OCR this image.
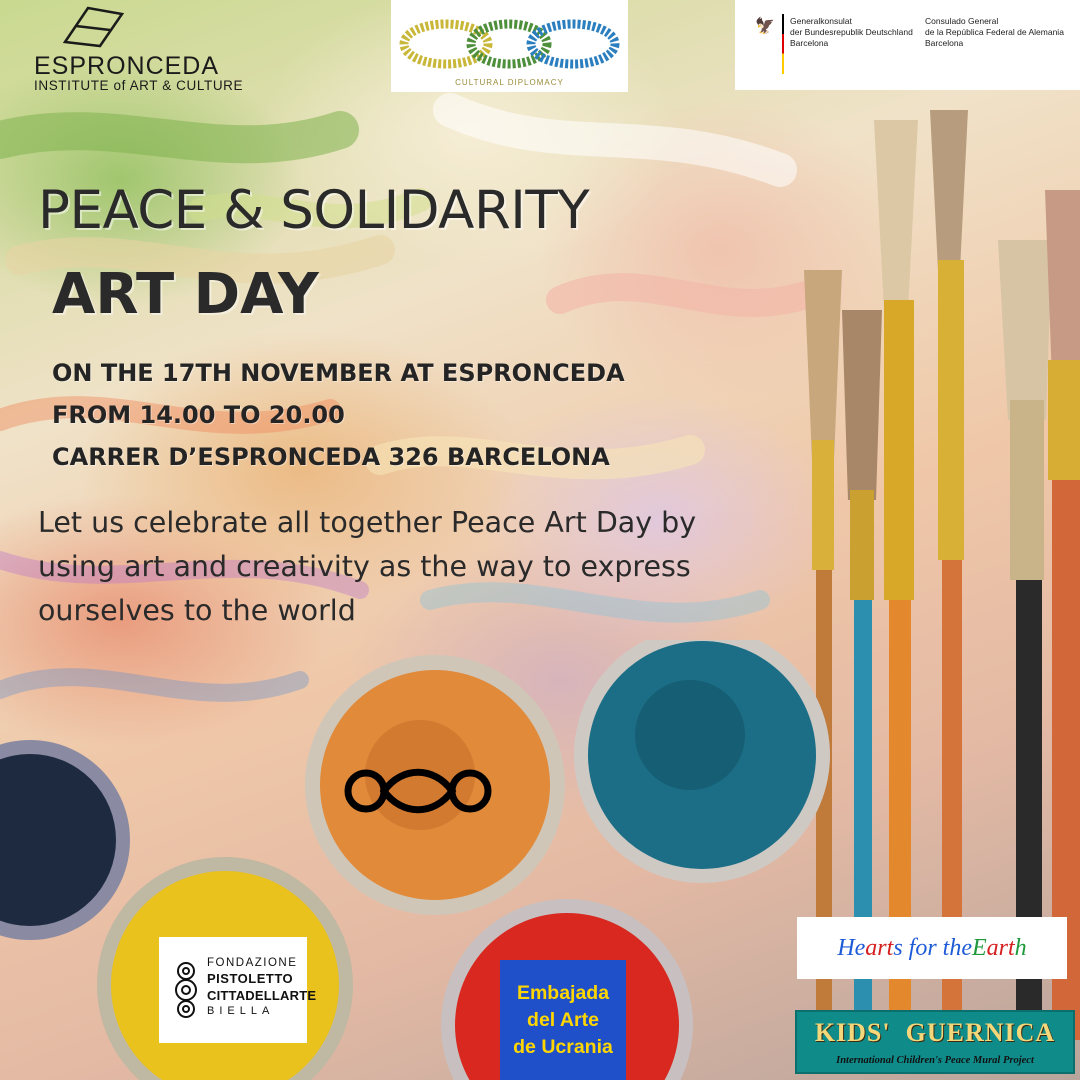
ESPRONCEDA
INSTITUTE of ART & CULTURE	CULTURAL DIPLOMACY
🦅 Generalkonsulat
der Bundesrepublik Deutschland
Barcelona
Consulado General
de la República Federal de Alemania
Barcelona
PEACE & SOLIDARITY
ART DAY
ON THE 17TH NOVEMBER AT ESPRONCEDA
FROM 14.00 TO 20.00
CARRER D’ESPRONCEDA 326 BARCELONA
Let us celebrate all together Peace Art Day by using art and creativity as the way to express ourselves to the world
FONDAZIONE
PISTOLETTO
CITTADELLARTE
BIELLA
Embajada
del Arte
de Ucrania
He art s for the E art h
KIDS'  GUERNICA
International Children's Peace Mural Project
